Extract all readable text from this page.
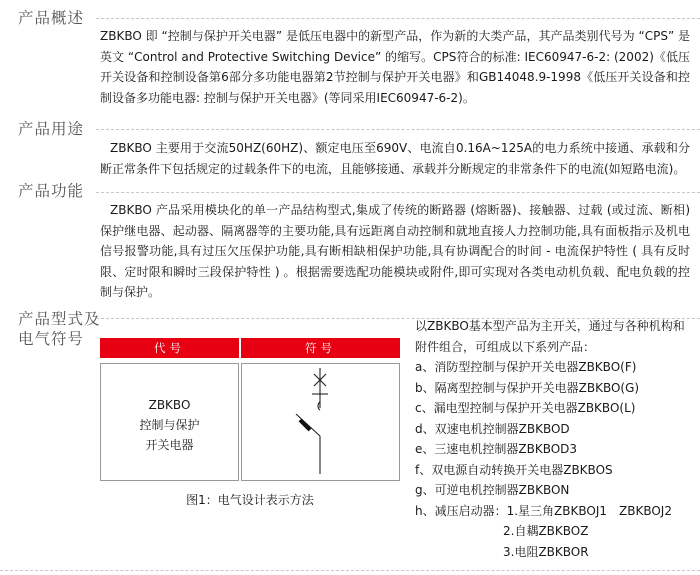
产品概述

ZBKBO 即 “控制与保护开关电器” 是低压电器中的新型产品，作为新的大类产品，其产品类别代号为 “CPS” 是英文 “Control and Protective Switching Device” 的缩写。CPS符合的标准: IEC60947-6-2: (2002)《低压开关设备和控制设备第6部分多功能电器第2节控制与保护开关电器》和GB14048.9-1998《低压开关设备和控制设备多功能电器: 控制与保护开关电器》(等同采用IEC60947-6-2)。

产品用途

ZBKBO 主要用于交流50HZ(60HZ)、额定电压至690V、电流自0.16A~125A的电力系统中接通、承载和分断正常条件下包括规定的过载条件下的电流，且能够接通、承载并分断规定的非常条件下的电流(如短路电流)。

产品功能

ZBKBO 产品采用模块化的单一产品结构型式,集成了传统的断路器 (熔断器)、接触器、过载 (或过流、断相) 保护继电器、起动器、隔离器等的主要功能,具有远距离自动控制和就地直接人力控制功能,具有面板指示及机电信号报警功能,具有过压欠压保护功能,具有断相缺相保护功能,具有协调配合的时间 - 电流保护特性 ( 具有反时限、定时限和瞬时三段保护特性 ) 。根据需要选配功能模块或附件,即可实现对各类电动机负载、配电负载的控制与保护。

产品型式及
电气符号	代号	符号
ZBKBO
控制与保护
开关电器
图1：电气设计表示方法
以ZBKBO基本型产品为主开关，通过与各种机构和
附件组合，可组成以下系列产品：
a、消防型控制与保护开关电器ZBKBO(F)
b、隔离型控制与保护开关电器ZBKBO(G)
c、漏电型控制与保护开关电器ZBKBO(L)
d、双速电机控制器ZBKBOD
e、三速电机控制器ZBKBOD3
f、双电源自动转换开关电器ZBKBOS
g、可逆电机控制器ZBKBON
h、减压启动器：1.星三角ZBKBOJ1　ZBKBOJ2
2.自耦ZBKBOZ
3.电阻ZBKBOR
